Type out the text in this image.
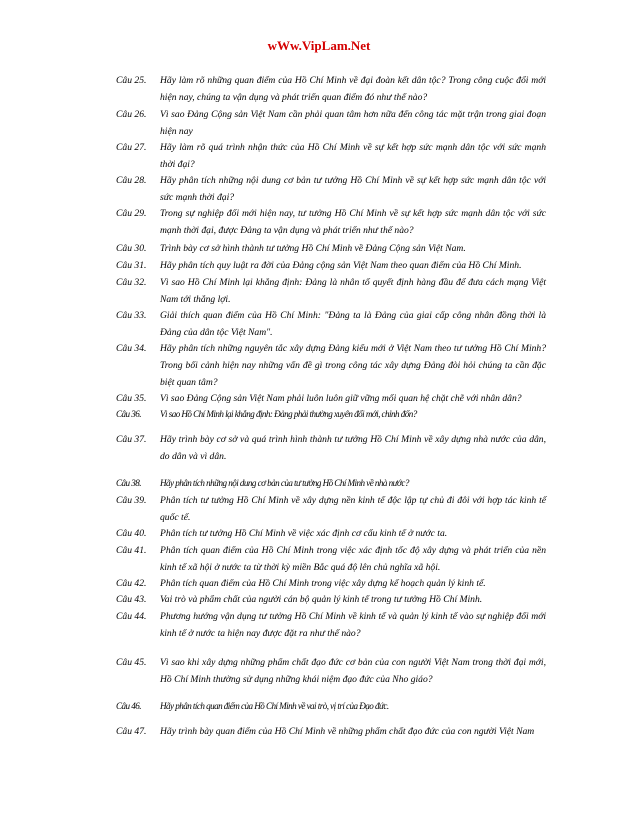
wWw.VipLam.Net
Câu 25.	Hãy làm rõ những quan điểm của Hồ Chí Minh về đại đoàn kết dân tộc? Trong công cuộc đổi mới hiện nay, chúng ta vận dụng và phát triển quan điểm đó như thế nào?
Câu 26.	Vì sao Đảng Cộng sản Việt Nam cần phải quan tâm hơn nữa đến công tác mặt trận trong giai đoạn hiện nay
Câu 27.	Hãy làm rõ quá trình nhận thức của Hồ Chí Minh về sự kết hợp sức mạnh dân tộc với sức mạnh thời đại?
Câu 28.	Hãy phân tích những nội dung cơ bản tư tưởng Hồ Chí Minh về sự kết hợp sức mạnh dân tộc với sức mạnh thời đại?
Câu 29.	Trong sự nghiệp đổi mới hiện nay, tư tưởng Hồ Chí Minh về sự kết hợp sức mạnh dân tộc với sức mạnh thời đại, được Đảng ta vận dụng và phát triển như thế nào?
Câu 30.	Trình bày cơ sở hình thành tư tưởng Hồ Chí Minh về Đảng Cộng sản Việt Nam.
Câu 31.	Hãy phân tích quy luật ra đời của Đảng cộng sản Việt Nam theo quan điểm của Hồ Chí Minh.
Câu 32.	Vì sao Hồ Chí Minh lại khẳng định: Đảng là nhân tố quyết định hàng đầu để đưa cách mạng Việt Nam tới thắng lợi.
Câu 33.	Giải thích quan điểm của Hồ Chí Minh: "Đảng ta là Đảng của giai cấp công nhân đồng thời là Đảng của dân tộc Việt Nam".
Câu 34.	Hãy phân tích những nguyên tắc xây dựng Đảng kiểu mới ở Việt Nam theo tư tưởng Hồ Chí Minh? Trong bối cảnh hiện nay những vấn đề gì trong công tác xây dựng Đảng đòi hỏi chúng ta cần đặc biệt quan tâm?
Câu 35.	Vì sao Đảng Cộng sản Việt Nam phải luôn luôn giữ vững mối quan hệ chặt chẽ với nhân dân?
Câu 36.	Vì sao Hồ Chí Minh lại khẳng định: Đảng phải thường xuyên đổi mới, chỉnh đốn?
Câu 37.	Hãy trình bày cơ sở và quá trình hình thành tư tưởng Hồ Chí Minh về xây dựng nhà nước của dân, do dân và vì dân.
Câu 38.	Hãy phân tích những nội dung cơ bản của tư tưởng Hồ Chí Minh về nhà nước?
Câu 39.	Phân tích tư tưởng Hồ Chí Minh về xây dựng nền kinh tế độc lập tự chủ đi đôi với hợp tác kinh tế quốc tế.
Câu 40.	Phân tích tư tưởng Hồ Chí Minh về việc xác định cơ cấu kinh tế ở nước ta.
Câu 41.	Phân tích quan điểm của Hồ Chí Minh trong việc xác định tốc độ xây dựng và phát triển của nền kinh tế xã hội ở nước ta từ thời kỳ miền Bắc quá độ lên chủ nghĩa xã hội.
Câu 42.	Phân tích quan điểm của Hồ Chí Minh trong việc xây dựng kế hoạch quản lý kinh tế.
Câu 43.	Vai trò và phẩm chất của người cán bộ quản lý kinh tế trong tư tưởng Hồ Chí Minh.
Câu 44.	Phương hướng vận dụng tư tưởng Hồ Chí Minh về kinh tế và quản lý kinh tế vào sự nghiệp đổi mới kinh tế ở nước ta hiện nay được đặt ra như thế nào?
Câu 45.	Vì sao khi xây dựng những phẩm chất đạo đức cơ bản của con người Việt Nam trong thời đại mới, Hồ Chí Minh thường sử dụng những khái niệm đạo đức của Nho giáo?
Câu 46.	Hãy phân tích quan điểm của Hồ Chí Minh về vai trò, vị trí của Đạo đức.
Câu 47.	Hãy trình bày quan điểm của Hồ Chí Minh về những phẩm chất đạo đức của con người Việt Nam
